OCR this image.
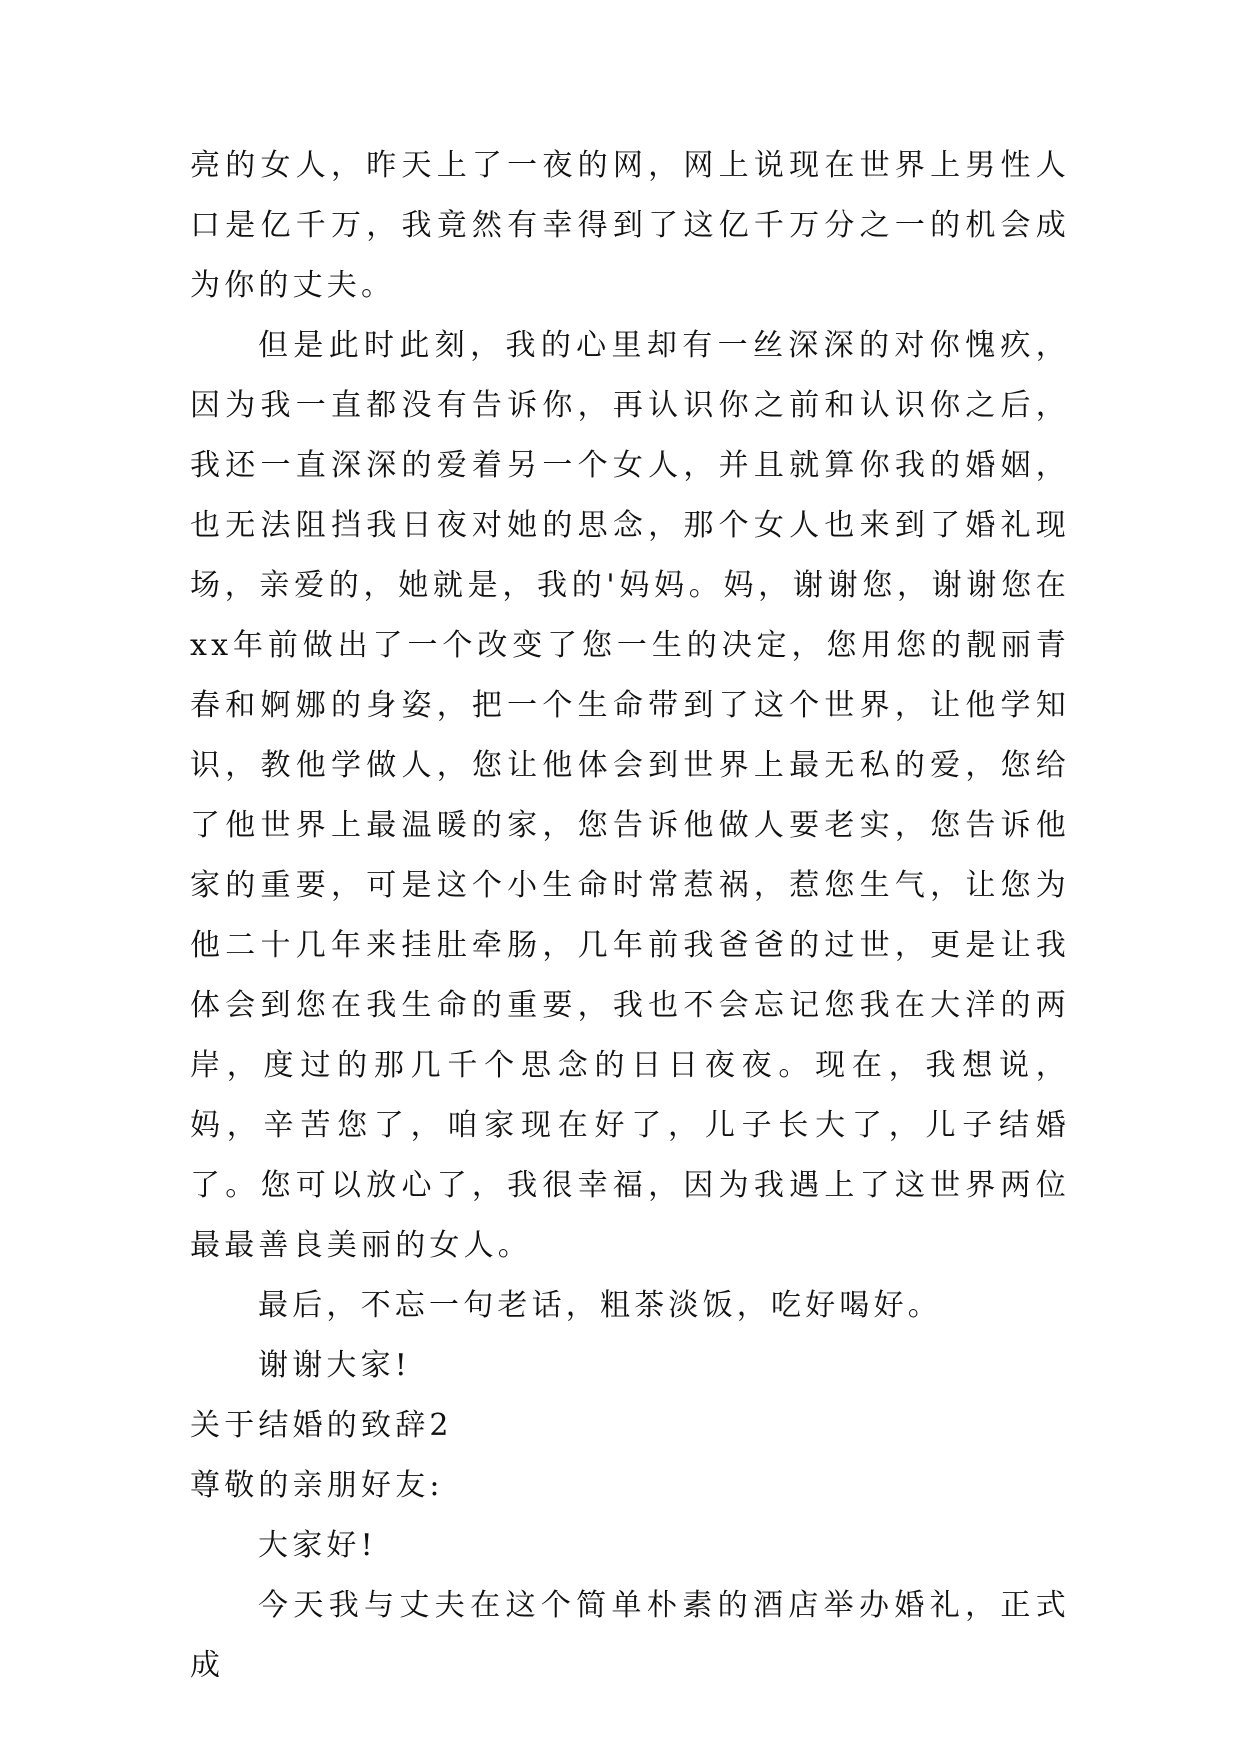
亮的女人，昨天上了一夜的网，网上说现在世界上男性人口是亿千万，我竟然有幸得到了这亿千万分之一的机会成为你的丈夫。

但是此时此刻，我的心里却有一丝深深的对你愧疚，因为我一直都没有告诉你，再认识你之前和认识你之后，我还一直深深的爱着另一个女人，并且就算你我的婚姻，也无法阻挡我日夜对她的思念，那个女人也来到了婚礼现场，亲爱的，她就是，我的'妈妈。妈，谢谢您，谢谢您在xx年前做出了一个改变了您一生的决定，您用您的靓丽青春和婀娜的身姿，把一个生命带到了这个世界，让他学知识，教他学做人，您让他体会到世界上最无私的爱，您给了他世界上最温暖的家，您告诉他做人要老实，您告诉他家的重要，可是这个小生命时常惹祸，惹您生气，让您为他二十几年来挂肚牵肠，几年前我爸爸的过世，更是让我体会到您在我生命的重要，我也不会忘记您我在大洋的两岸，度过的那几千个思念的日日夜夜。现在，我想说，妈，辛苦您了，咱家现在好了，儿子长大了，儿子结婚了。您可以放心了，我很幸福，因为我遇上了这世界两位最最善良美丽的女人。

最后，不忘一句老话，粗茶淡饭，吃好喝好。

谢谢大家!

关于结婚的致辞2

尊敬的亲朋好友:

大家好!

今天我与丈夫在这个简单朴素的酒店举办婚礼，正式成
